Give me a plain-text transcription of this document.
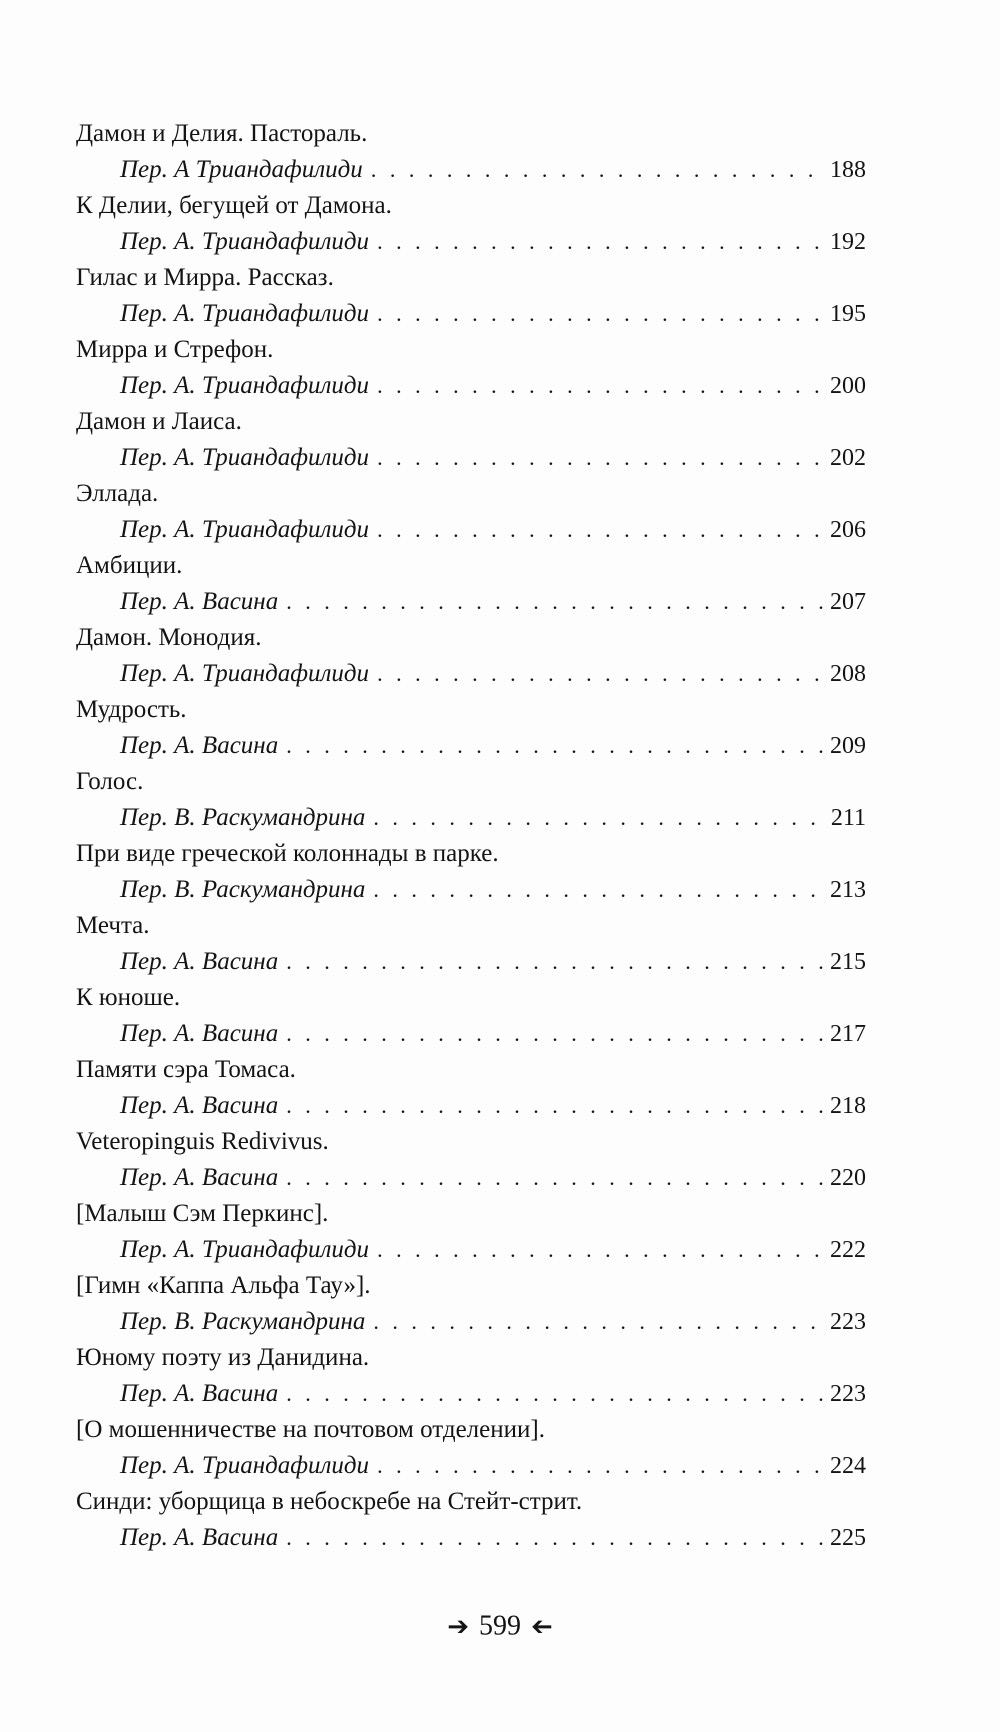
Дамон и Делия. Пастораль.
Пер. А Триандафилиди . . .	188
К Делии, бегущей от Дамона.
Пер. А. Триандафилиди . . .	192
Гилас и Мирра. Рассказ.
Пер. А. Триандафилиди . . .	195
Мирра и Стрефон.
Пер. А. Триандафилиди . . .	200
Дамон и Лаиса.
Пер. А. Триандафилиди . . .	202
Эллада.
Пер. А. Триандафилиди . . .	206
Амбиции.
Пер. А. Васина . . .	207
Дамон. Монодия.
Пер. А. Триандафилиди . . .	208
Мудрость.
Пер. А. Васина . . .	209
Голос.
Пер. В. Раскумандрина . . .	211
При виде греческой колоннады в парке.
Пер. В. Раскумандрина . . .	213
Мечта.
Пер. А. Васина . . .	215
К юноше.
Пер. А. Васина . . .	217
Памяти сэра Томаса.
Пер. А. Васина . . .	218
Veteropinguis Redivivus.
Пер. А. Васина . . .	220
[Малыш Сэм Перкинс].
Пер. А. Триандафилиди . . .	222
[Гимн «Каппа Альфа Тау»].
Пер. В. Раскумандрина . . .	223
Юному поэту из Данидина.
Пер. А. Васина . . .	223
[О мошенничестве на почтовом отделении].
Пер. А. Триандафилиди . . .	224
Синди: уборщица в небоскребе на Стейт-стрит.
Пер. А. Васина . . .	225
➔ 599 ➔
